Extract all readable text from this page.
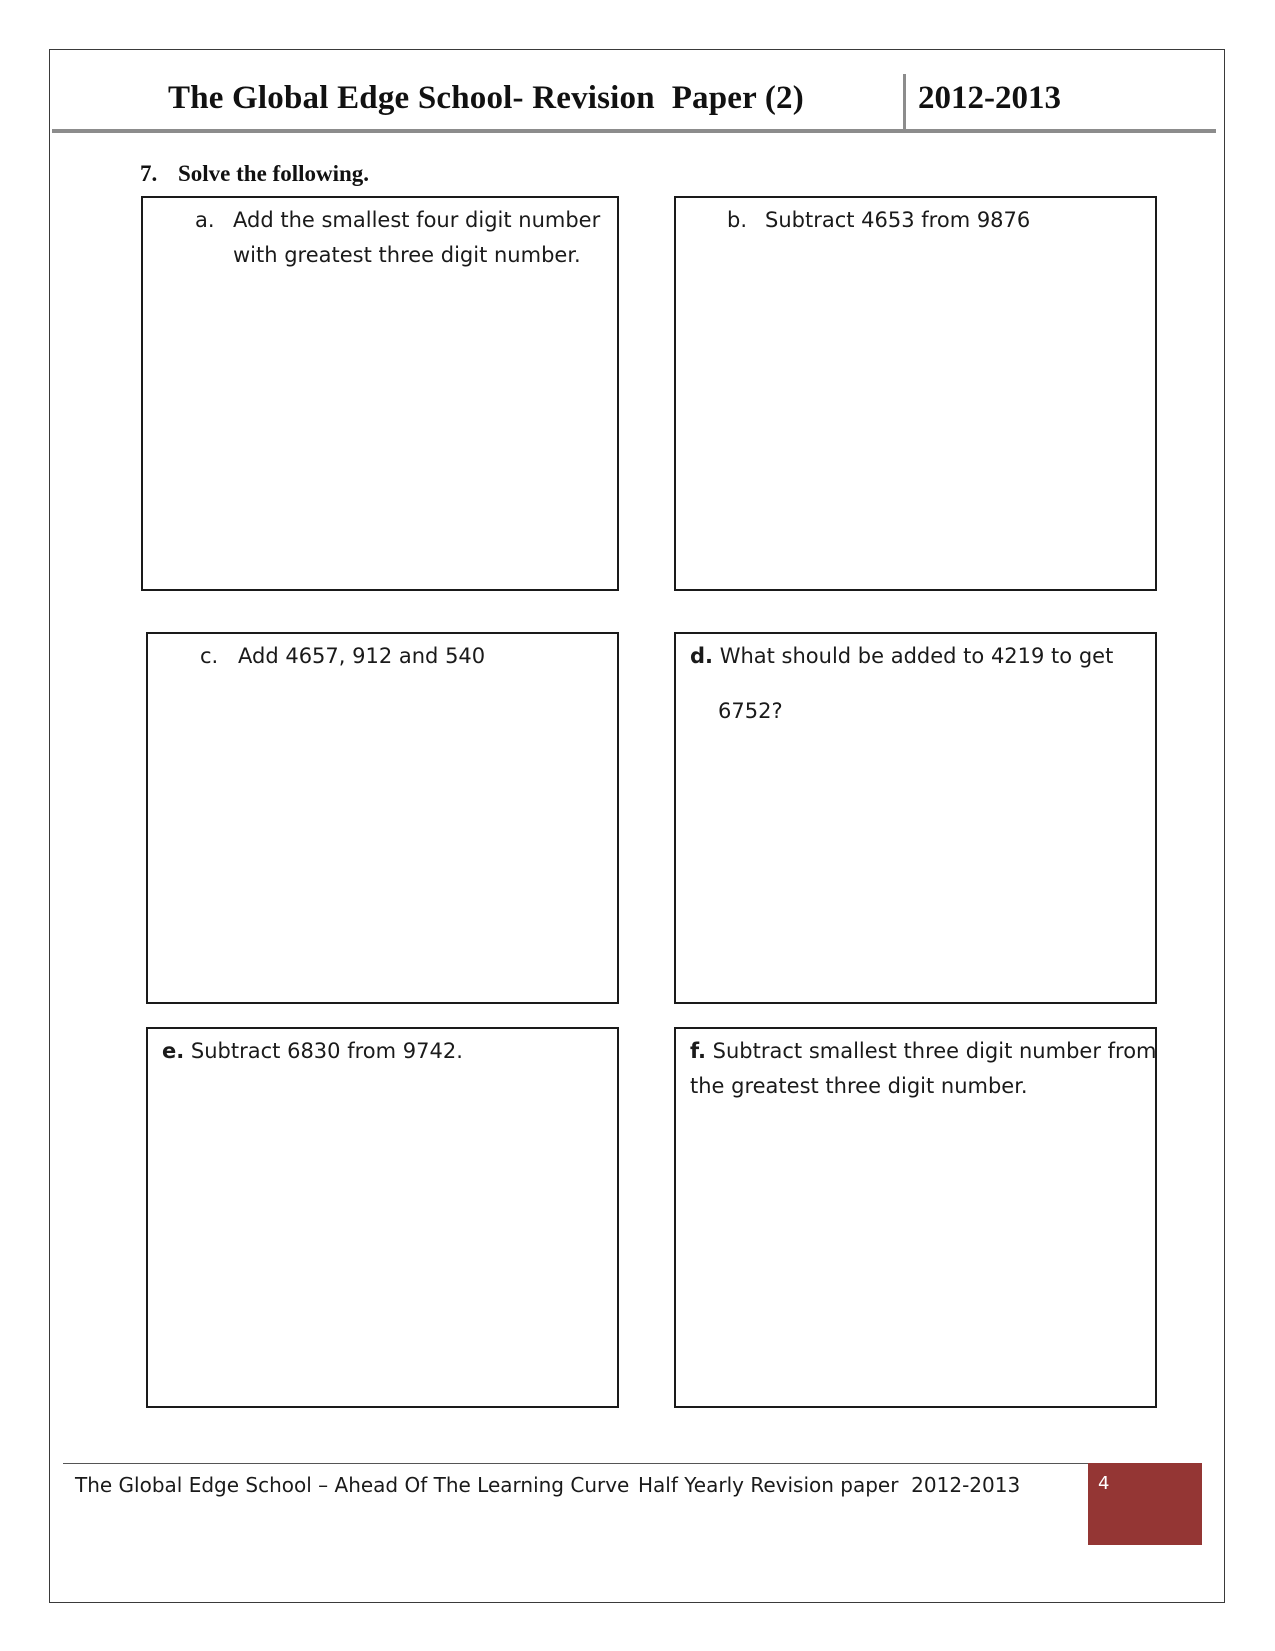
The Global Edge School- Revision  Paper (2)	2012-2013
7. Solve the following.
a. Add the smallest four digit number
with greatest three digit number.
b. Subtract 4653 from 9876
c. Add 4657, 912 and 540	d. What should be added to 4219 to get
6752?
e. Subtract 6830 from 9742.	f. Subtract smallest three digit number from
the greatest three digit number.
The Global Edge School – Ahead Of The Learning Curve Half Yearly Revision paper  2012-2013	4
